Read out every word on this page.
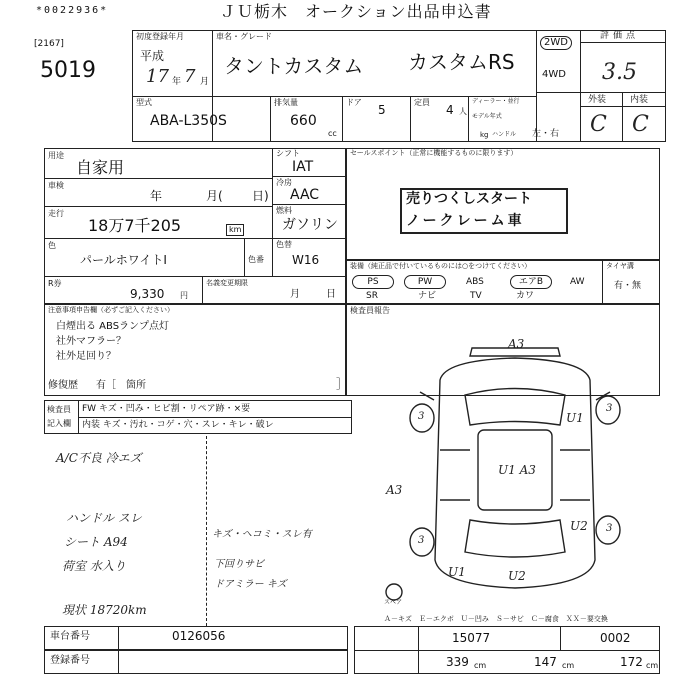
*0022936*	ＪＵ栃木　オークション出品申込書
[2167]
5019
初度登録年月
平成
17 年 7 月
車名・グレード
タントカスタム カスタムRS
2WD
4WD
評価点
3.5
外装	内装
C C
型式
ABA-L350S
排気量
660
cc
ドア
5
定員
4 人
ディーラー・並行
モデル年式
kg ハンドル 左・右
用途
自家用
車検
年	月( 日)
走行
18万7千205	km
シフト
IAT
冷房
AAC
燃料
ガソリン
色
パールホワイトI	色番
色替
W16
R券
9,330 円
名義変更期限
月	日
セールスポイント（正常に機能するものに限ります）
売りつくしスタート
ノークレーム車
装備（純正品で付いているものには○をつけてください）	タイヤ溝
PS	PW	ABS	エアB	AW	有・無
SR	ナビ	TV	カワ
注意事項申告欄（必ずご記入ください）
白煙出る ABSランプ点灯
社外マフラー？
社外足回り？
修復歴 有［　箇所	］
検査員報告
検査員
記入欄
FW キズ・凹み・ヒビ割・リペア跡・×要
内装 キズ・汚れ・コゲ・穴・スレ・キレ・破レ
A/C不良 冷エズ
ハンドル スレ
シート A94
荷室 水入り
現状 18720km
キズ・ヘコミ・スレ有
下回りサビ
ドアミラー キズ
A3
A3
U1 A3
U1
U2
U2
U1
3
3
3
3
スペア
Ａ－キズ　Ｅ－エクボ　Ｕ－凹み　Ｓ－サビ　Ｃ－腐食　ＸＸ－要交換
車台番号	0126056
登録番号
15077	0002
339 cm	147 cm	172 cm
